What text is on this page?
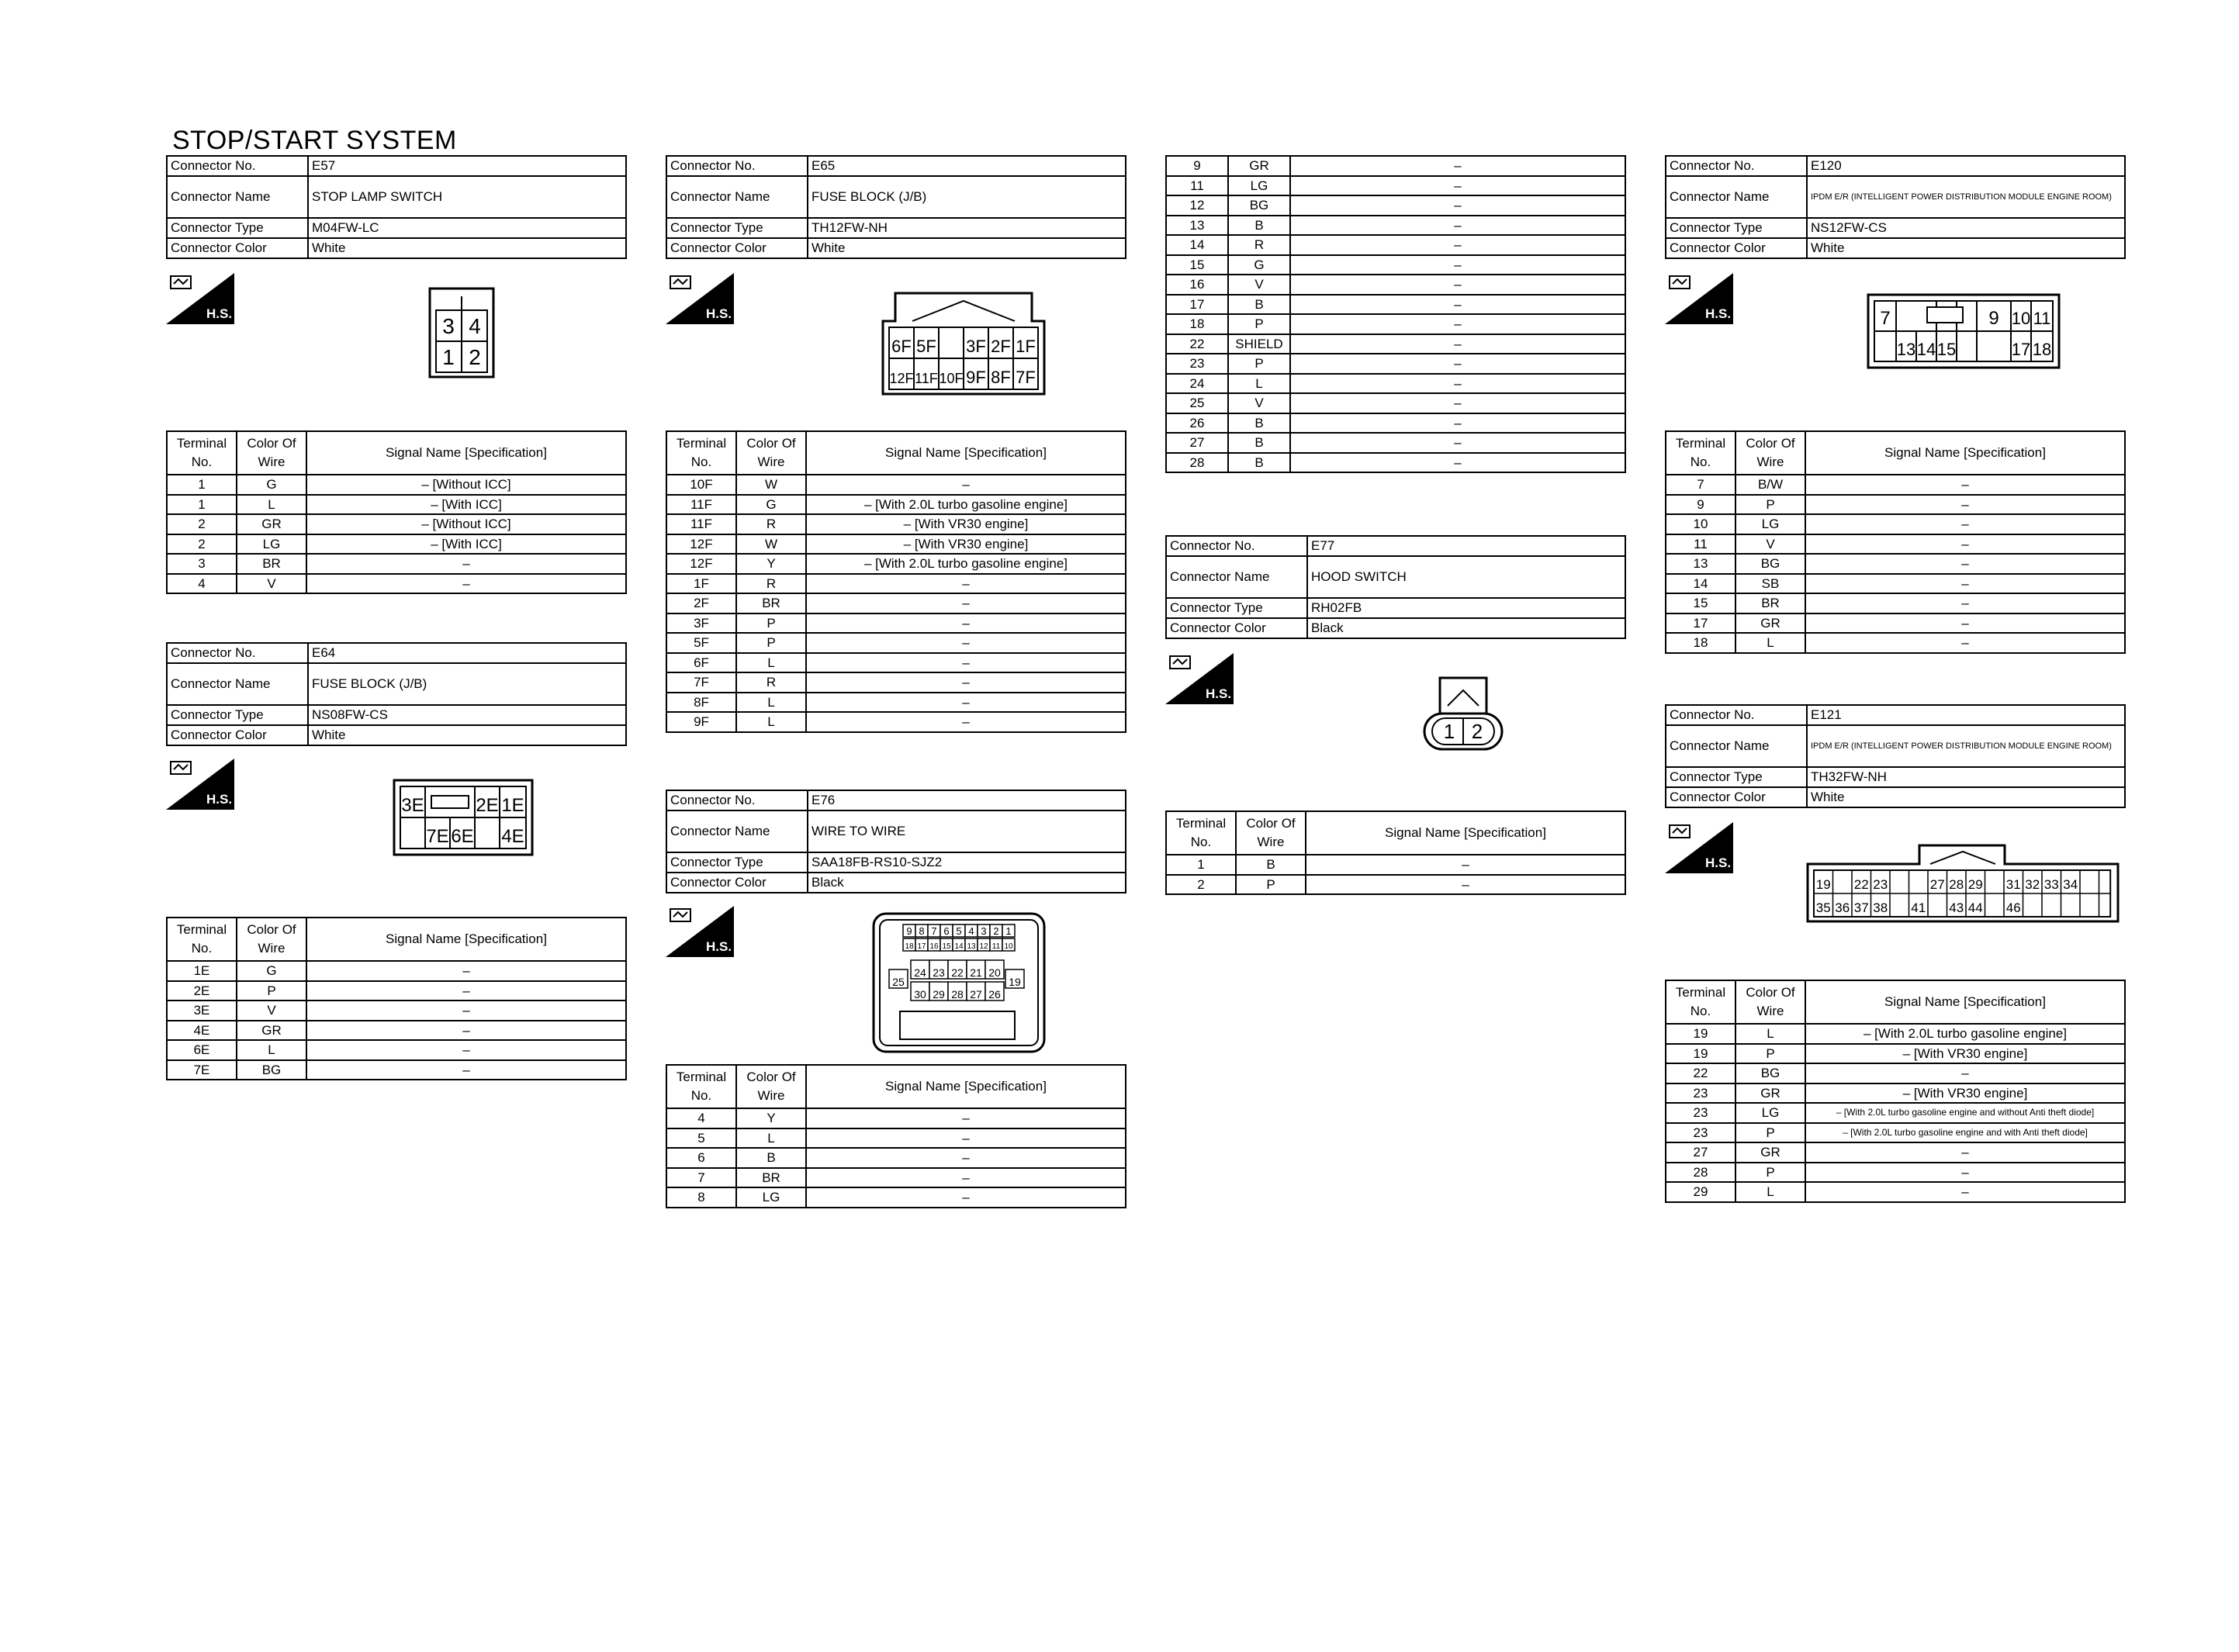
STOP/START SYSTEM
Connector No.	E57
Connector Name	STOP LAMP SWITCH
Connector Type	M04FW-LC
Connector Color	White
H.S.
3 4
1 2
Terminal No.	Color Of Wire	Signal Name [Specification]
1	G	– [Without ICC]
1	L	– [With ICC]
2	GR	– [Without ICC]
2	LG	– [With ICC]
3	BR	–
4	V	–
Connector No.	E64
Connector Name	FUSE BLOCK (J/B)
Connector Type	NS08FW-CS
Connector Color	White
H.S.	3E	2E 1E
7E 6E 4E
Terminal No.	Color Of Wire	Signal Name [Specification]
1E	G	–
2E	P	–
3E	V	–
4E	GR	–
6E	L	–
7E	BG	–
Connector No.	E65
Connector Name	FUSE BLOCK (J/B)
Connector Type	TH12FW-NH
Connector Color	White
H.S.
6F 5F 3F 2F 1F
12F 11F 10F 9F 8F 7F
Terminal No.	Color Of Wire	Signal Name [Specification]
10F	W	–
11F	G	– [With 2.0L turbo gasoline engine]
11F	R	– [With VR30 engine]
12F	W	– [With VR30 engine]
12F	Y	– [With 2.0L turbo gasoline engine]
1F	R	–
2F	BR	–
3F	P	–
5F	P	–
6F	L	–
7F	R	–
8F	L	–
9F	L	–
Connector No.	E76
Connector Name	WIRE TO WIRE
Connector Type	SAA18FB-RS10-SJZ2
Connector Color	Black
H.S.
9 8 7 6 5 4 3 2 1
18 17 16 15 14 13 12 11 10
24 23 22 21 20
25	19
30 29 28 27 26
Terminal No.	Color Of Wire	Signal Name [Specification]
4	Y	–
5	L	–
6	B	–
7	BR	–
8	LG	–
9	GR	–
11	LG	–
12	BG	–
13	B	–
14	R	–
15	G	–
16	V	–
17	B	–
18	P	–
22	SHIELD	–
23	P	–
24	L	–
25	V	–
26	B	–
27	B	–
28	B	–
Connector No.	E77
Connector Name	HOOD SWITCH
Connector Type	RH02FB
Connector Color	Black
H.S.
1 2
Terminal No.	Color Of Wire	Signal Name [Specification]
1	B	–
2	P	–
Connector No.	E120
Connector Name	IPDM E/R (INTELLIGENT POWER DISTRIBUTION MODULE ENGINE ROOM)
Connector Type	NS12FW-CS
Connector Color	White
H.S.	7	9 10 11
13 14 15	17 18
Terminal No.	Color Of Wire	Signal Name [Specification]
7	B/W	–
9	P	–
10	LG	–
11	V	–
13	BG	–
14	SB	–
15	BR	–
17	GR	–
18	L	–
Connector No.	E121
Connector Name	IPDM E/R (INTELLIGENT POWER DISTRIBUTION MODULE ENGINE ROOM)
Connector Type	TH32FW-NH
Connector Color	White
H.S.
19 22 23	27 28 29 31 32 33 34
35 36 37 38 41 43 44 46
Terminal No.	Color Of Wire	Signal Name [Specification]
19	L	– [With 2.0L turbo gasoline engine]
19	P	– [With VR30 engine]
22	BG	–
23	GR	– [With VR30 engine]
23	LG	– [With 2.0L turbo gasoline engine and without Anti theft diode]
23	P	– [With 2.0L turbo gasoline engine and with Anti theft diode]
27	GR	–
28	P	–
29	L	–
